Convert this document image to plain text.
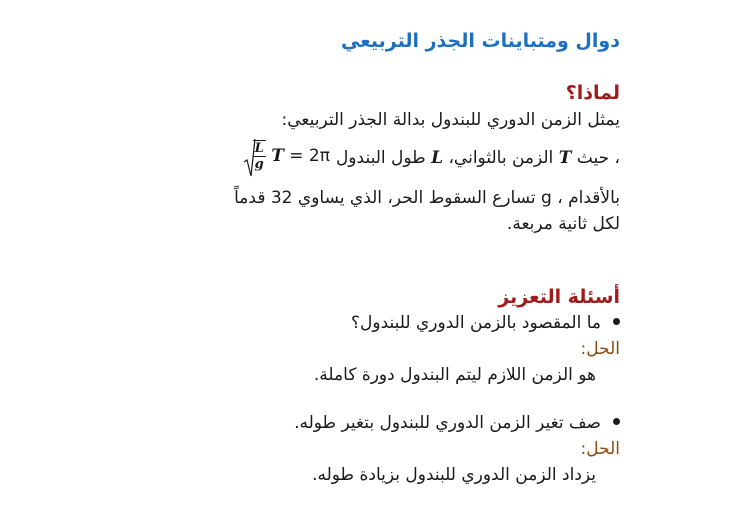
دوال ومتباينات الجذر التربيعي
لماذا؟
يمثل الزمن الدوري للبندول بدالة الجذر التربيعي:
T = 2π
$\frac{L}{g}$	، حيث T الزمن بالثواني، L طول البندول
بالأقدام ، g تسارع السقوط الحر، الذي يساوي 32 قدماً
لكل ثانية مربعة.
أسئلة التعزيز
ما المقصود بالزمن الدوري للبندول؟
الحل:
هو الزمن اللازم ليتم البندول دورة كاملة.
صف تغير الزمن الدوري للبندول بتغير طوله.
الحل:
يزداد الزمن الدوري للبندول بزيادة طوله.
